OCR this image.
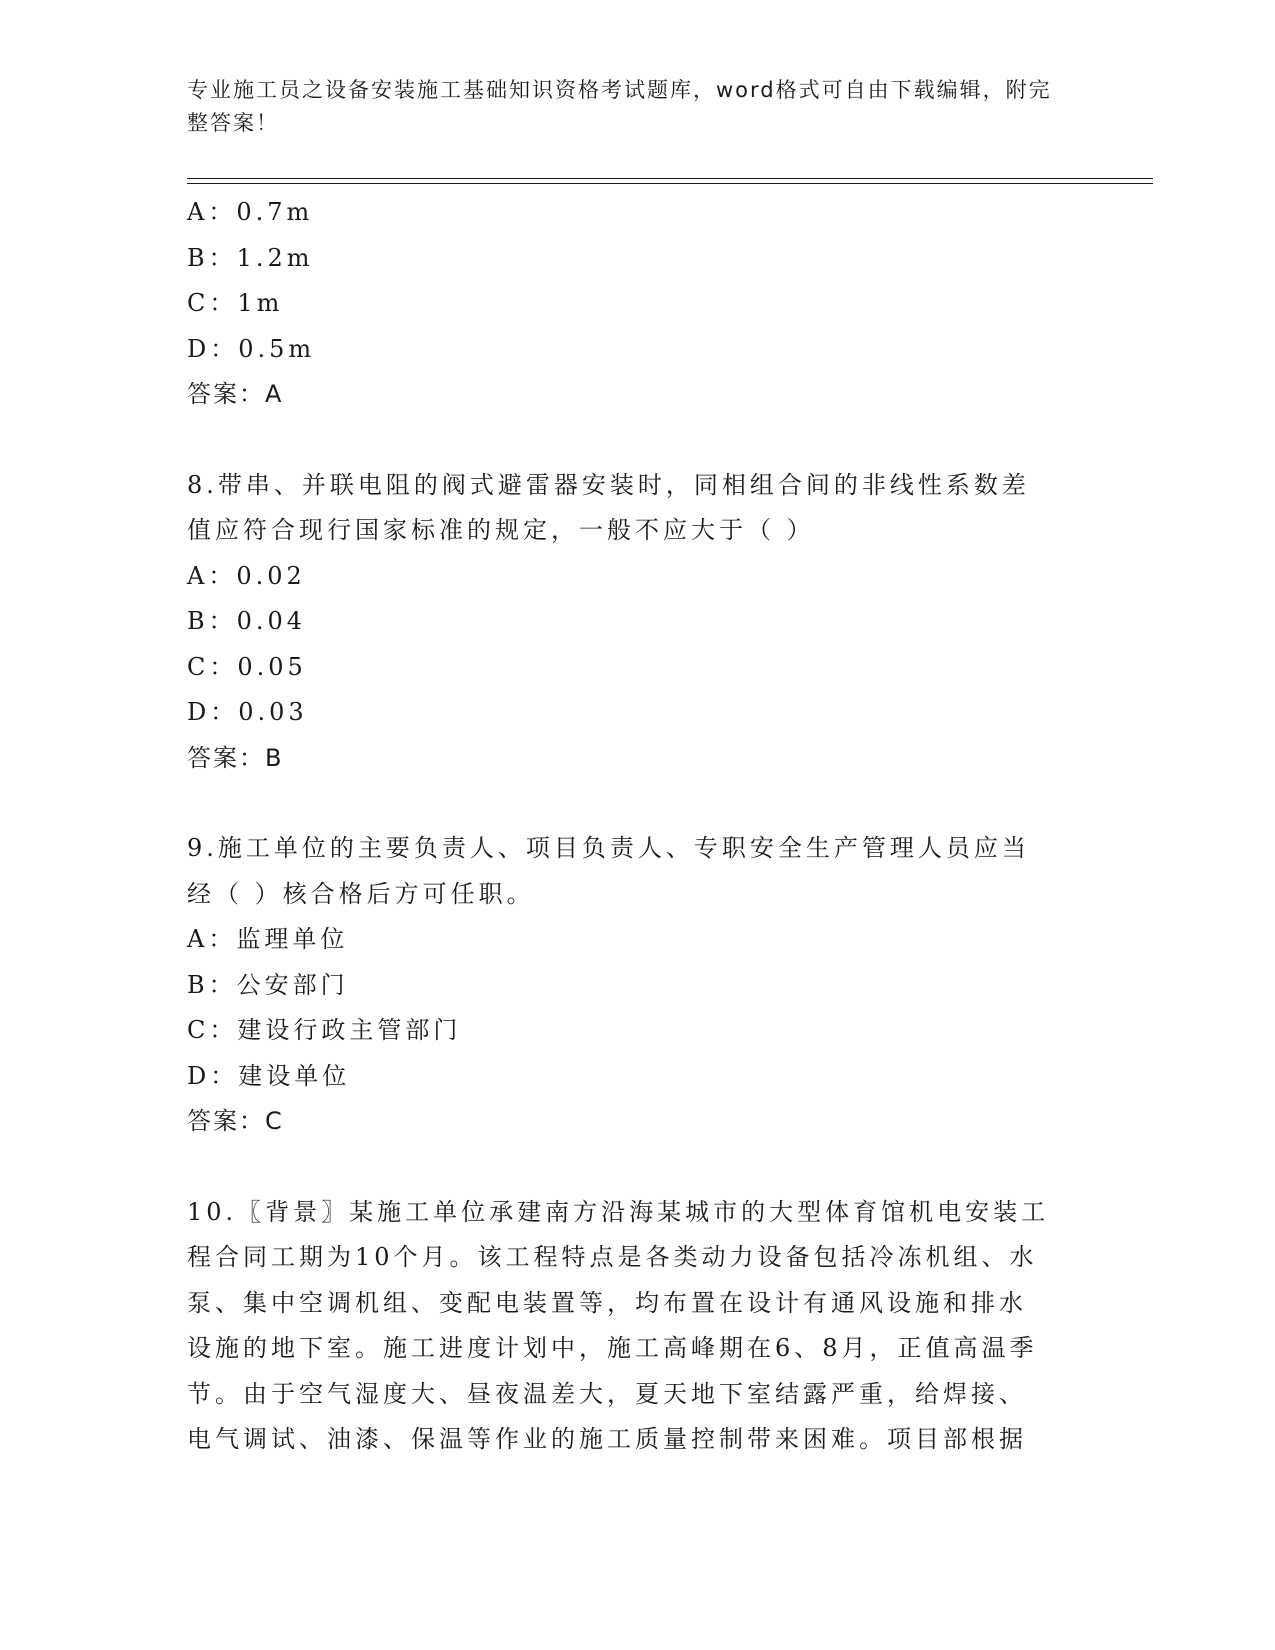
专业施工员之设备安装施工基础知识资格考试题库，word格式可自由下载编辑，附完整答案！
A：0.7m
B：1.2m
C：1m
D：0.5m
答案：A
8.带串、并联电阻的阀式避雷器安装时，同相组合间的非线性系数差
值应符合现行国家标准的规定，一般不应大于（ ）
A：0.02
B：0.04
C：0.05
D：0.03
答案：B
9.施工单位的主要负责人、项目负责人、专职安全生产管理人员应当
经（ ）核合格后方可任职。
A：监理单位
B：公安部门
C：建设行政主管部门
D：建设单位
答案：C
10.〖背景〗某施工单位承建南方沿海某城市的大型体育馆机电安装工
程合同工期为10个月。该工程特点是各类动力设备包括冷冻机组、水
泵、集中空调机组、变配电装置等，均布置在设计有通风设施和排水
设施的地下室。施工进度计划中，施工高峰期在6、8月，正值高温季
节。由于空气湿度大、昼夜温差大，夏天地下室结露严重，给焊接、
电气调试、油漆、保温等作业的施工质量控制带来困难。项目部根据
